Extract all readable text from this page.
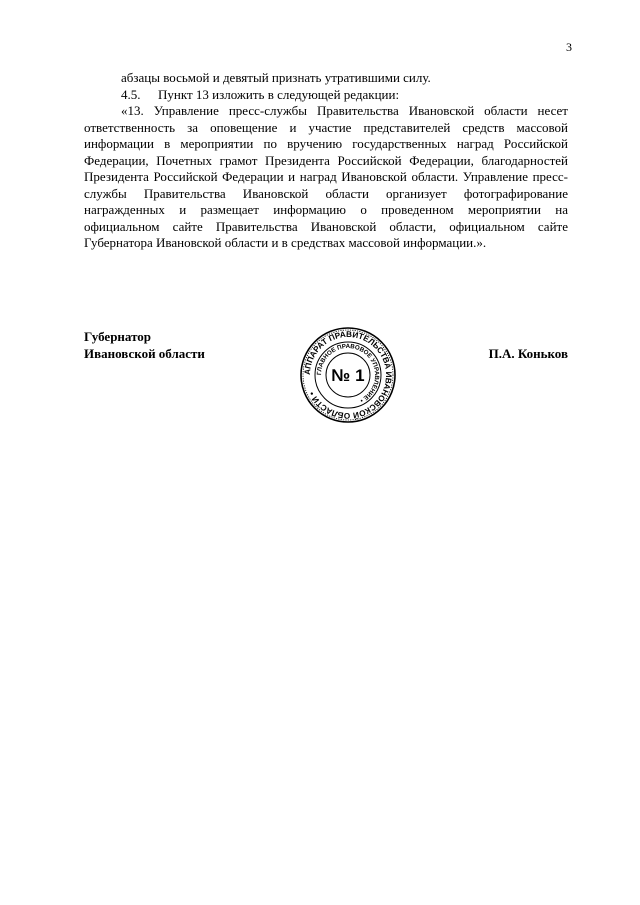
3

абзацы восьмой и девятый признать утратившими силу.

4.5. Пункт 13 изложить в следующей редакции:

«13. Управление пресс-службы Правительства Ивановской области несет ответственность за оповещение и участие представителей средств массовой информации в мероприятии по вручению государственных наград Российской Федерации, Почетных грамот Президента Российской Федерации, благодарностей Президента Российской Федерации и наград Ивановской области. Управление пресс-службы Правительства Ивановской области организует фотографирование награжденных и размещает информацию о проведенном мероприятии на официальном сайте Правительства Ивановской области, официальном сайте Губернатора Ивановской области и в средствах массовой информации.».

Губернатор
Ивановской области
АППАРАТ ПРАВИТЕЛЬСТВА ИВАНОВСКОЙ ОБЛАСТИ •
ГЛАВНОЕ ПРАВОВОЕ УПРАВЛЕНИЕ •
№ 1
П.А. Коньков
